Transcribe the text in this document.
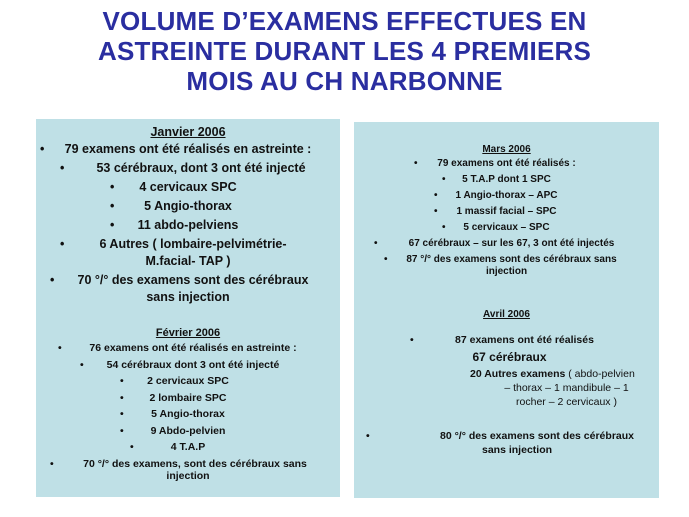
VOLUME D’EXAMENS EFFECTUES EN
ASTREINTE DURANT LES 4 PREMIERS
MOIS AU CH NARBONNE
Janvier 2006
• 79 examens ont été réalisés en astreinte :
•	53 cérébraux, dont 3 ont été injecté
• 4 cervicaux SPC
• 5 Angio-thorax
• 11 abdo-pelviens
•	6 Autres ( lombaire-pelvimétrie-
M.facial- TAP )
• 70 °/° des examens sont des cérébraux
sans injection
Février 2006
•	76 examens ont été réalisés en astreinte :
• 54 cérébraux dont 3 ont été injecté
• 2 cervicaux SPC
• 2 lombaire SPC
•	5 Angio-thorax
•	9 Abdo-pelvien
•	4 T.A.P
•	70 °/° des examens, sont des cérébraux sans
injection
Mars 2006
• 79 examens ont été réalisés :
• 5 T.A.P dont 1 SPC
• 1 Angio-thorax – APC
• 1 massif facial – SPC
• 5 cervicaux – SPC
•	67 cérébraux – sur les 67, 3 ont été injectés
• 87 °/° des examens sont des cérébraux sans
injection
Avril 2006
•	87 examens ont été réalisés
67 cérébraux
20 Autres examens ( abdo-pelvien
– thorax – 1 mandibule – 1
rocher – 2 cervicaux )
•	80 °/° des examens sont des cérébraux
sans injection
